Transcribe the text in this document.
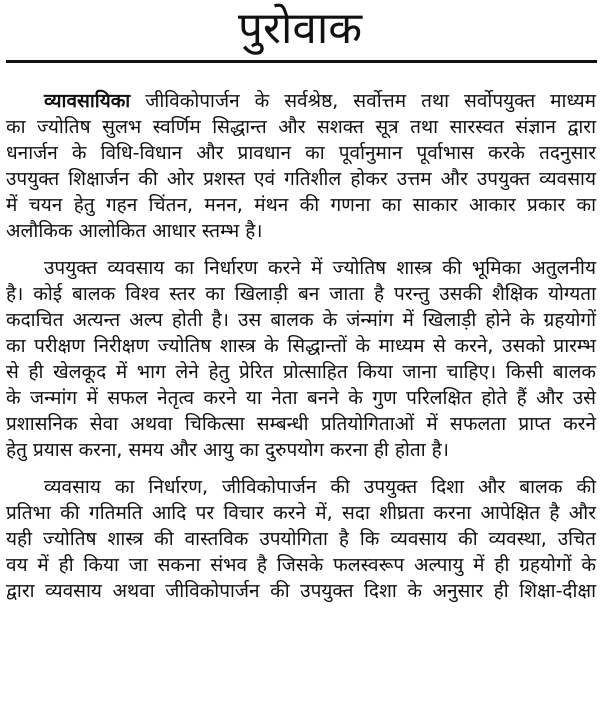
पुरोवाक
व्यावसायिका जीविकोपार्जन के सर्वश्रेष्ठ, सर्वोत्तम तथा सर्वोपयुक्त माध्यम
का ज्योतिष सुलभ स्वर्णिम सिद्धान्त और सशक्त सूत्र तथा सारस्वत संज्ञान द्वारा
धनार्जन के विधि-विधान और प्रावधान का पूर्वानुमान पूर्वाभास करके तदनुसार
उपयुक्त शिक्षार्जन की ओर प्रशस्त एवं गतिशील होकर उत्तम और उपयुक्त व्यवसाय
में चयन हेतु गहन चिंतन, मनन, मंथन की गणना का साकार आकार प्रकार का
अलौकिक आलोकित आधार स्तम्भ है।
उपयुक्त व्यवसाय का निर्धारण करने में ज्योतिष शास्त्र की भूमिका अतुलनीय
है। कोई बालक विश्व स्तर का खिलाड़ी बन जाता है परन्तु उसकी शैक्षिक योग्यता
कदाचित अत्यन्त अल्प होती है। उस बालक के जंन्मांग में खिलाड़ी होने के ग्रहयोगों
का परीक्षण निरीक्षण ज्योतिष शास्त्र के सिद्धान्तों के माध्यम से करने, उसको प्रारम्भ
से ही खेलकूद में भाग लेने हेतु प्रेरित प्रोत्साहित किया जाना चाहिए। किसी बालक
के जन्मांग में सफल नेतृत्व करने या नेता बनने के गुण परिलक्षित होते हैं और उसे
प्रशासनिक सेवा अथवा चिकित्सा सम्बन्धी प्रतियोगिताओं में सफलता प्राप्त करने
हेतु प्रयास करना, समय और आयु का दुरुपयोग करना ही होता है।
व्यवसाय का निर्धारण, जीविकोपार्जन की उपयुक्त दिशा और बालक की
प्रतिभा की गतिमति आदि पर विचार करने में, सदा शीघ्रता करना आपेक्षित है और
यही ज्योतिष शास्त्र की वास्तविक उपयोगिता है कि व्यवसाय की व्यवस्था, उचित
वय में ही किया जा सकना संभव है जिसके फलस्वरूप अल्पायु में ही ग्रहयोगों के
द्वारा व्यवसाय अथवा जीविकोपार्जन की उपयुक्त दिशा के अनुसार ही शिक्षा-दीक्षा
